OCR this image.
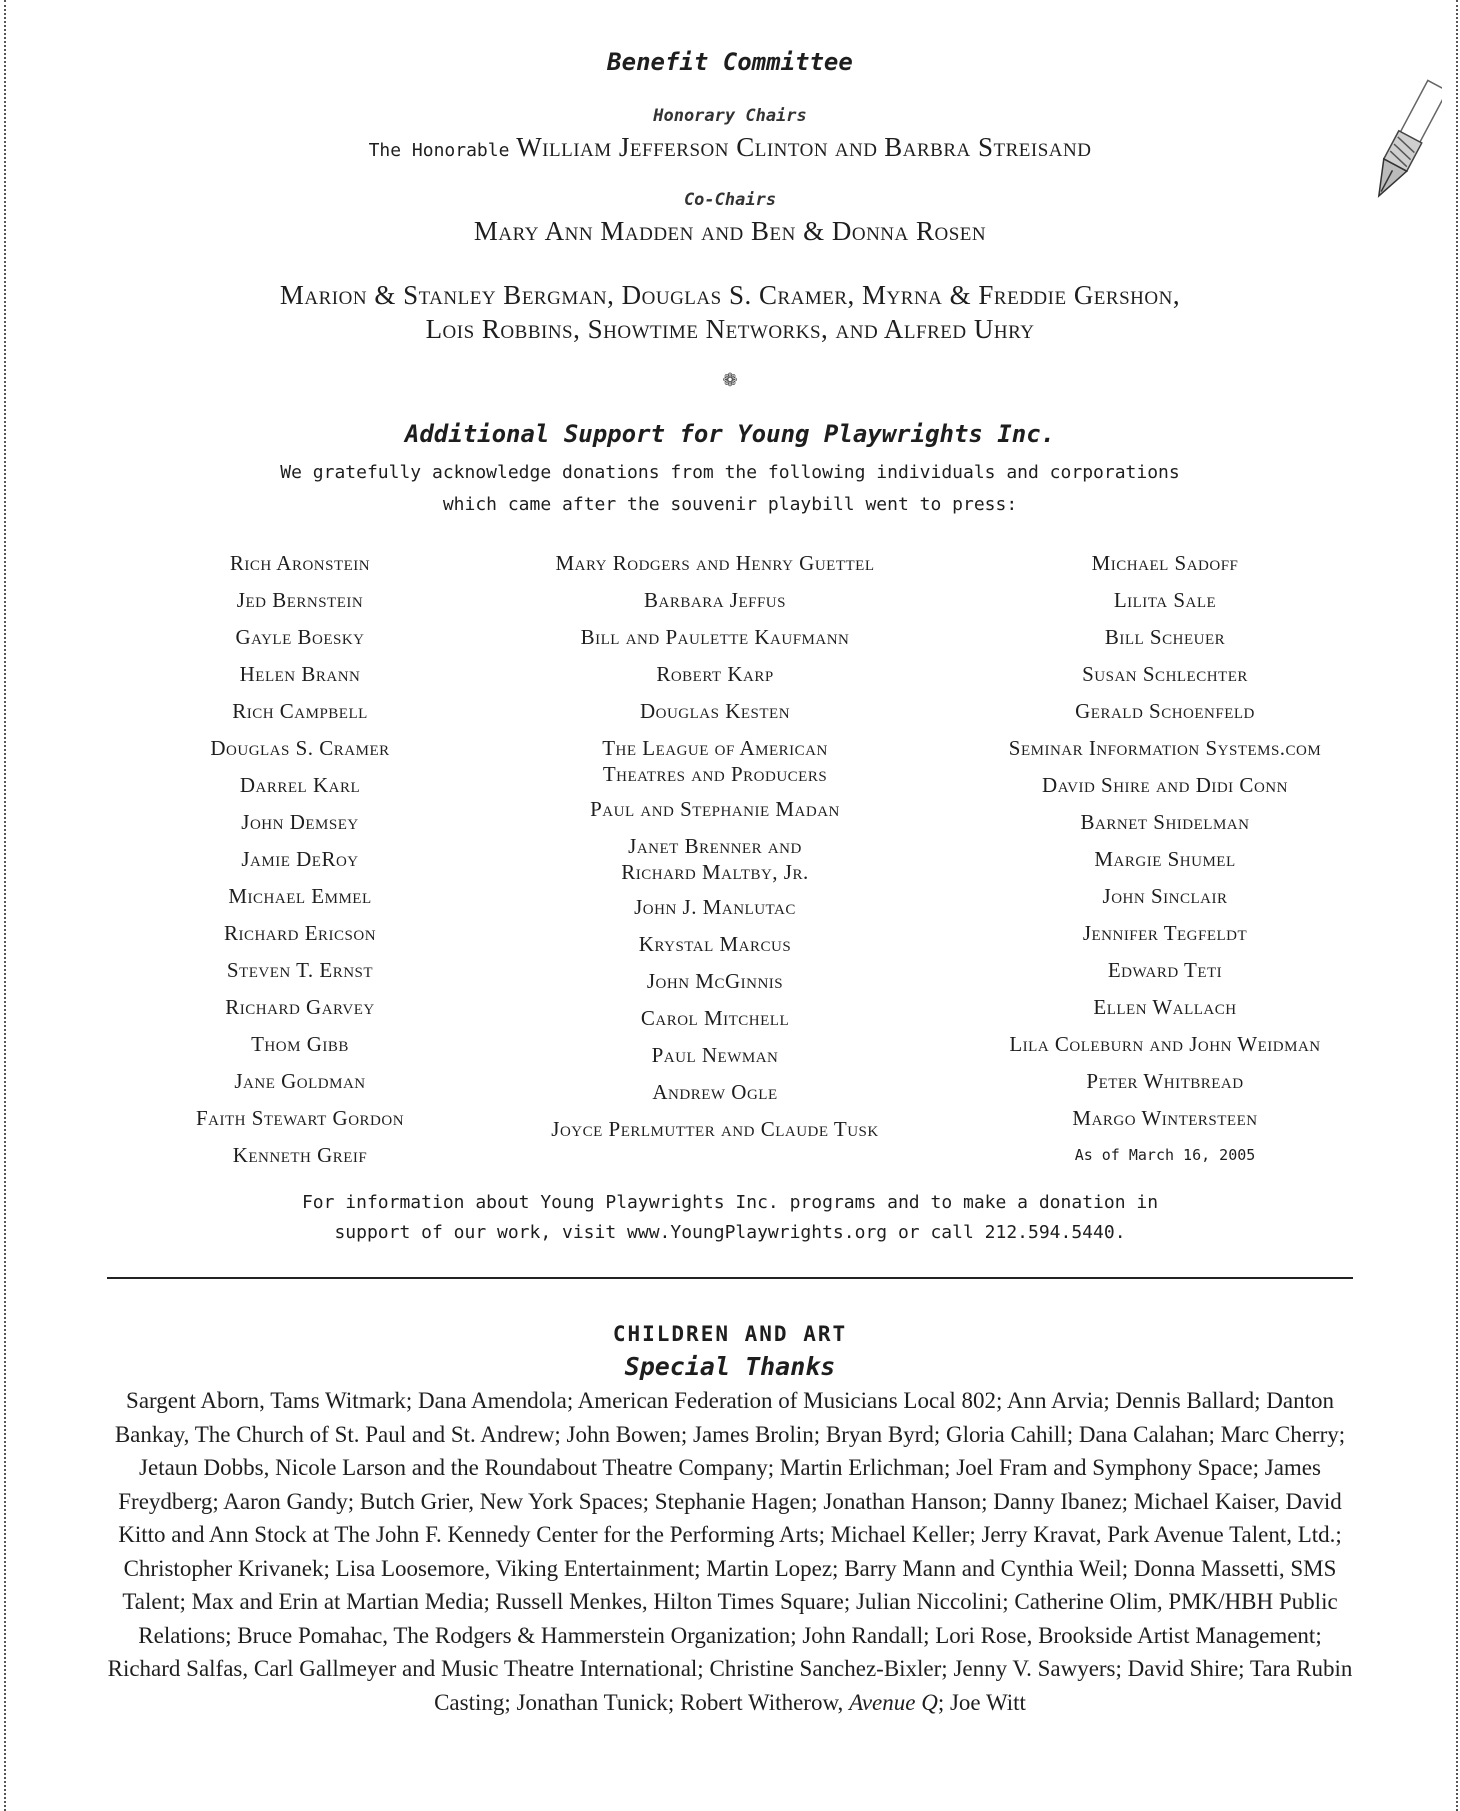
Benefit Committee
Honorary Chairs
The Honorable William Jefferson Clinton and Barbra Streisand
Co-Chairs
Mary Ann Madden and Ben & Donna Rosen
Marion & Stanley Bergman, Douglas S. Cramer, Myrna & Freddie Gershon,
Lois Robbins, Showtime Networks, and Alfred Uhry
❁
Additional Support for Young Playwrights Inc.
We gratefully acknowledge donations from the following individuals and corporations
which came after the souvenir playbill went to press:
Rich Aronstein
Jed Bernstein
Gayle Boesky
Helen Brann
Rich Campbell
Douglas S. Cramer
Darrel Karl
John Demsey
Jamie DeRoy
Michael Emmel
Richard Ericson
Steven T. Ernst
Richard Garvey
Thom Gibb
Jane Goldman
Faith Stewart Gordon
Kenneth Greif
Mary Rodgers and Henry Guettel
Barbara Jeffus
Bill and Paulette Kaufmann
Robert Karp
Douglas Kesten
The League of American
Theatres and Producers
Paul and Stephanie Madan
Janet Brenner and
Richard Maltby, Jr.
John J. Manlutac
Krystal Marcus
John McGinnis
Carol Mitchell
Paul Newman
Andrew Ogle
Joyce Perlmutter and Claude Tusk
Michael Sadoff
Lilita Sale
Bill Scheuer
Susan Schlechter
Gerald Schoenfeld
Seminar Information Systems.com
David Shire and Didi Conn
Barnet Shidelman
Margie Shumel
John Sinclair
Jennifer Tegfeldt
Edward Teti
Ellen Wallach
Lila Coleburn and John Weidman
Peter Whitbread
Margo Wintersteen
As of March 16, 2005
For information about Young Playwrights Inc. programs and to make a donation in
support of our work, visit www.YoungPlaywrights.org or call 212.594.5440.
CHILDREN AND ART
Special Thanks
Sargent Aborn, Tams Witmark; Dana Amendola; American Federation of Musicians Local 802; Ann Arvia; Dennis Ballard; Danton Bankay, The Church of St. Paul and St. Andrew; John Bowen; James Brolin; Bryan Byrd; Gloria Cahill; Dana Calahan; Marc Cherry; Jetaun Dobbs, Nicole Larson and the Roundabout Theatre Company; Martin Erlichman; Joel Fram and Symphony Space; James Freydberg; Aaron Gandy; Butch Grier, New York Spaces; Stephanie Hagen; Jonathan Hanson; Danny Ibanez; Michael Kaiser, David Kitto and Ann Stock at The John F. Kennedy Center for the Performing Arts; Michael Keller; Jerry Kravat, Park Avenue Talent, Ltd.; Christopher Krivanek; Lisa Loosemore, Viking Entertainment; Martin Lopez; Barry Mann and Cynthia Weil; Donna Massetti, SMS Talent; Max and Erin at Martian Media; Russell Menkes, Hilton Times Square; Julian Niccolini; Catherine Olim, PMK/HBH Public Relations; Bruce Pomahac, The Rodgers & Hammerstein Organization; John Randall; Lori Rose, Brookside Artist Management; Richard Salfas, Carl Gallmeyer and Music Theatre International; Christine Sanchez-Bixler; Jenny V. Sawyers; David Shire; Tara Rubin Casting; Jonathan Tunick; Robert Witherow, Avenue Q; Joe Witt
